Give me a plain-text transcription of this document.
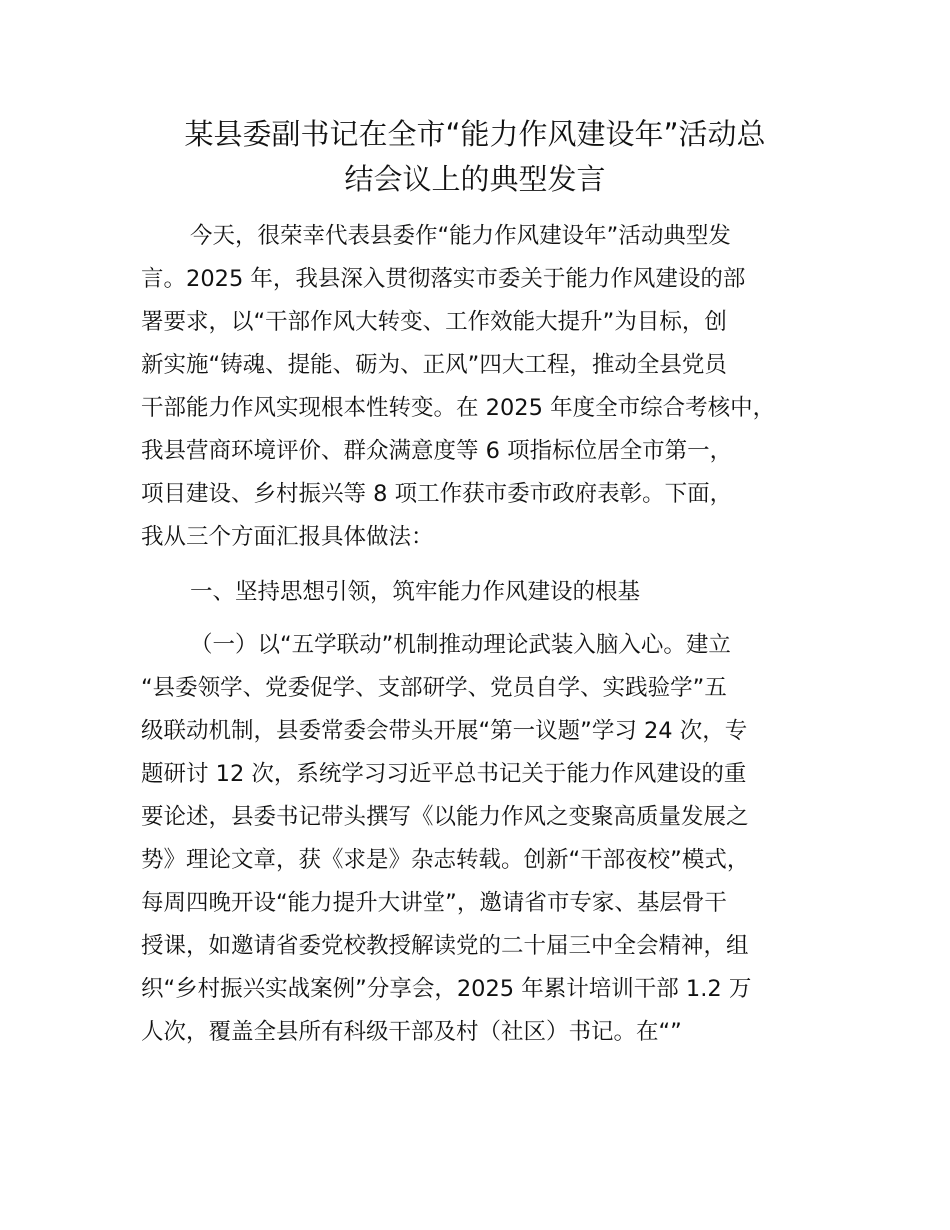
某县委副书记在全市“能力作风建设年”活动总
结会议上的典型发言
今天，很荣幸代表县委作“能力作风建设年”活动典型发
言。2025 年，我县深入贯彻落实市委关于能力作风建设的部
署要求，以“干部作风大转变、工作效能大提升”为目标，创
新实施“铸魂、提能、砺为、正风”四大工程，推动全县党员
干部能力作风实现根本性转变。在 2025 年度全市综合考核中，
我县营商环境评价、群众满意度等 6 项指标位居全市第一，
项目建设、乡村振兴等 8 项工作获市委市政府表彰。下面，
我从三个方面汇报具体做法：
一、坚持思想引领，筑牢能力作风建设的根基
（一）以“五学联动”机制推动理论武装入脑入心。建立
“县委领学、党委促学、支部研学、党员自学、实践验学”五
级联动机制，县委常委会带头开展“第一议题”学习 24 次，专
题研讨 12 次，系统学习习近平总书记关于能力作风建设的重
要论述，县委书记带头撰写《以能力作风之变聚高质量发展之
势》理论文章，获《求是》杂志转载。创新“干部夜校”模式，
每周四晚开设“能力提升大讲堂”，邀请省市专家、基层骨干
授课，如邀请省委党校教授解读党的二十届三中全会精神，组
织“乡村振兴实战案例”分享会，2025 年累计培训干部 1.2 万
人次，覆盖全县所有科级干部及村（社区）书记。在“”
